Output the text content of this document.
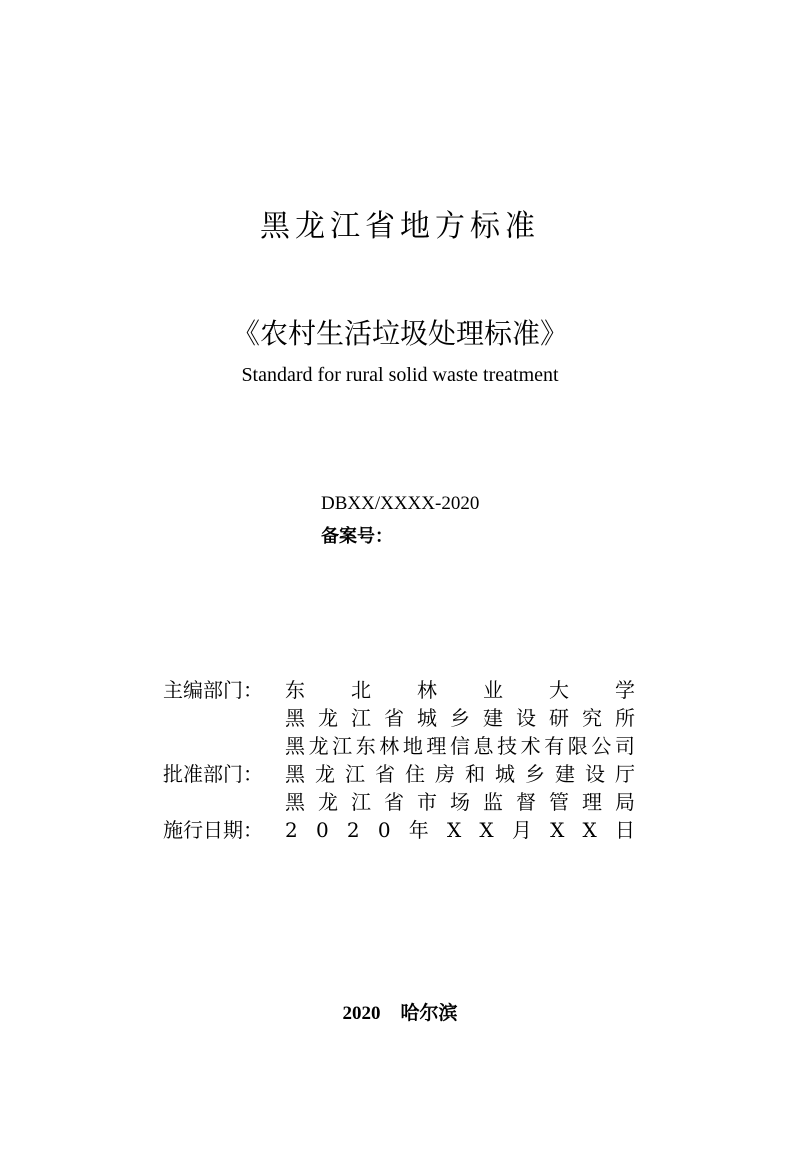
黑龙江省地方标准
《农村生活垃圾处理标准》
Standard for rural solid waste treatment
DBXX/XXXX-2020
备案号：
主编部门：	东 北 林 业 大 学
黑 龙 江 省 城 乡 建 设 研 究 所
黑 龙 江 东 林 地 理 信 息 技 术 有 限 公 司
批准部门：	黑 龙 江 省 住 房 和 城 乡 建 设 厅
黑 龙 江 省 市 场 监 督 管 理 局
施行日期：	2 0 2 0 年 X X 月 X X 日
2020 哈尔滨
